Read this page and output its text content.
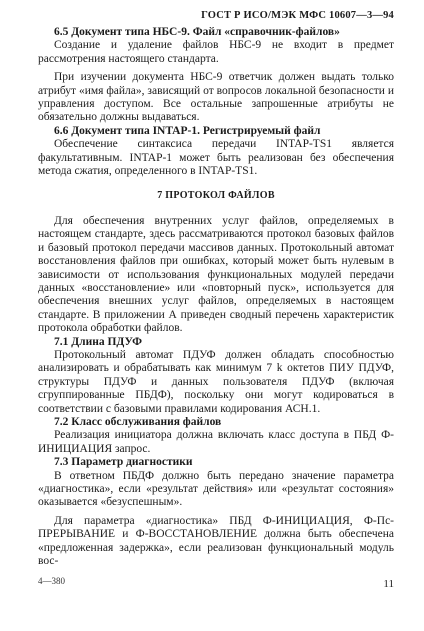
ГОСТ Р ИСО/МЭК МФС 10607—3—94

6.5 Документ типа НБС-9. Файл «справочник-файлов»

Создание и удаление файлов НБС-9 не входит в предмет рассмотрения настоящего стандарта.

При изучении документа НБС-9 ответчик должен выдать только атрибут «имя файла», зависящий от вопросов локальной безопасности и управления доступом. Все остальные запрошенные атрибуты не обязательно должны выдаваться.

6.6 Документ типа INTAP-1. Регистрируемый файл

Обеспечение синтаксиса передачи INTAP-TS1 является факультативным. INTAP-1 может быть реализован без обеспечения метода сжатия, определенного в INTAP-TS1.

7 ПРОТОКОЛ ФАЙЛОВ

Для обеспечения внутренних услуг файлов, определяемых в настоящем стандарте, здесь рассматриваются протокол базовых файлов и базовый протокол передачи массивов данных. Протокольный автомат восстановления файлов при ошибках, который может быть нулевым в зависимости от использования функциональных модулей передачи данных «восстановление» или «повторный пуск», используется для обеспечения внешних услуг файлов, определяемых в настоящем стандарте. В приложении А приведен сводный перечень характеристик протокола обработки файлов.

7.1 Длина ПДУФ

Протокольный автомат ПДУФ должен обладать способностью анализировать и обрабатывать как минимум 7 k октетов ПИУ ПДУФ, структуры ПДУФ и данных пользователя ПДУФ (включая сгруппированные ПБДФ), поскольку они могут кодироваться в соответствии с базовыми правилами кодирования АСН.1.

7.2 Класс обслуживания файлов

Реализация инициатора должна включать класс доступа в ПБД Ф-ИНИЦИАЦИЯ запрос.

7.3 Параметр диагностики

В ответном ПБДФ должно быть передано значение параметра «диагностика», если «результат действия» или «результат состояния» оказывается «безуспешным».

Для параметра «диагностика» ПБД Ф-ИНИЦИАЦИЯ, Ф-Пс-ПРЕРЫВАНИЕ и Ф-ВОССТАНОВЛЕНИЕ должна быть обеспечена «предложенная задержка», если реализован функциональный модуль вос-

4—380	11
